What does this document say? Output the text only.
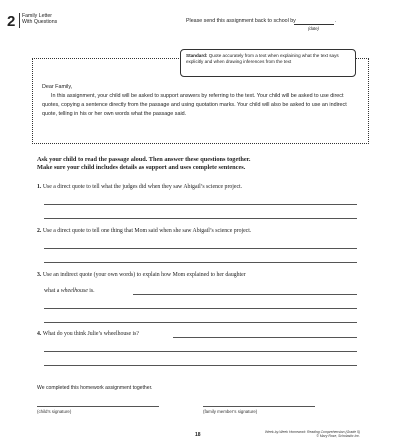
2 Family Letter
With Questions	Please send this assignment back to school by	.
(date)
Standard: Quote accurately from a text when explaining what the text says explicitly and when drawing inferences from the text

Dear Family,

In this assignment, your child will be asked to support answers by referring to the text. Your child will be asked to use direct quotes, copying a sentence directly from the passage and using quotation marks. Your child will also be asked to use an indirect quote, telling in his or her own words what the passage said.

Ask your child to read the passage aloud. Then answer these questions together.
Make sure your child includes details as support and uses complete sentences.
1. Use a direct quote to tell what the judges did when they saw Abigail’s science project.
2. Use a direct quote to tell one thing that Mom said when she saw Abigail’s science project.
3. Use an indirect quote (your own words) to explain how Mom explained to her daughter
what a wheelhouse is.
4. What do you think Julie’s wheelhouse is?
We completed this homework assignment together.
(child’s signature)	(family member’s signature)
18	Week-by-Week Homework: Reading Comprehension (Grade 5)
© Mary Rose, Scholastic Inc.
